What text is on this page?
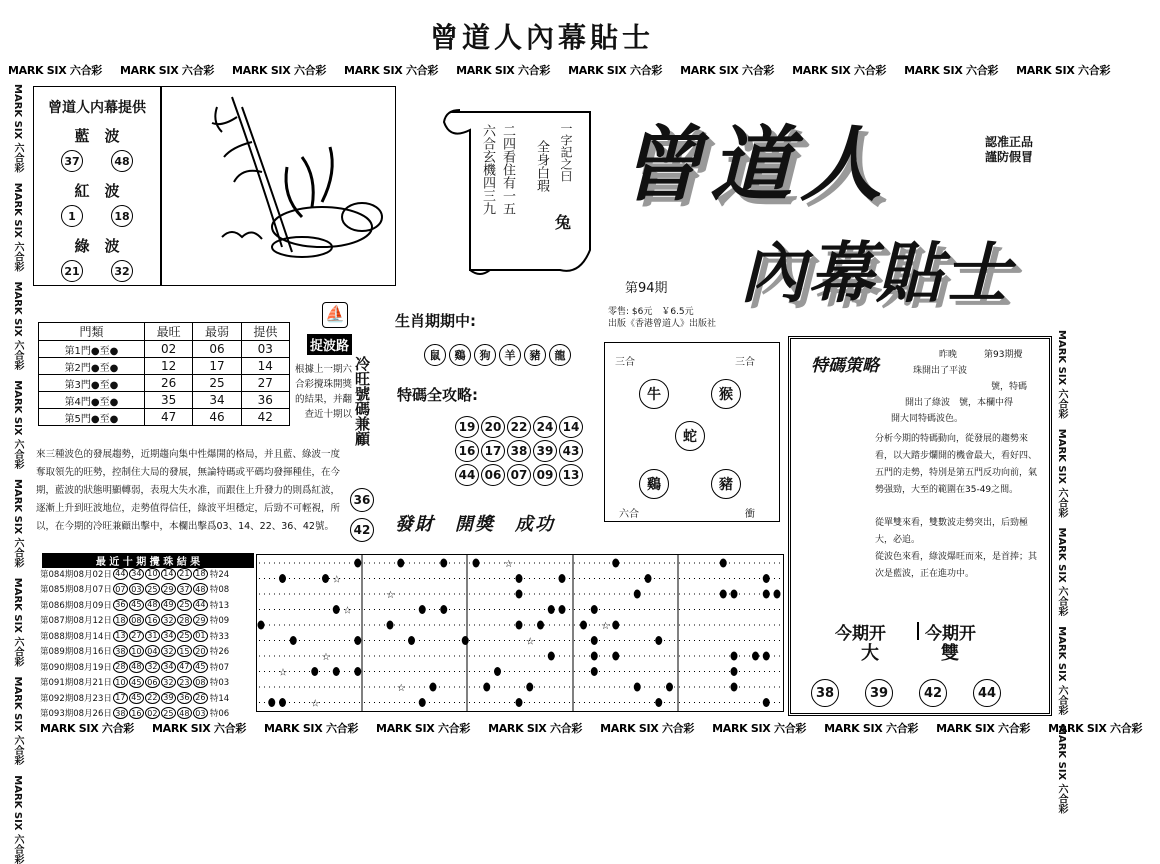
曾道人內幕貼士
MARK SIX 六合彩 MARK SIX 六合彩 MARK SIX 六合彩 MARK SIX 六合彩 MARK SIX 六合彩 MARK SIX 六合彩 MARK SIX 六合彩 MARK SIX 六合彩 MARK SIX 六合彩 MARK SIX 六合彩
MARK SIX 六合彩 MARK SIX 六合彩 MARK SIX 六合彩 MARK SIX 六合彩 MARK SIX 六合彩 MARK SIX 六合彩 MARK SIX 六合彩 MARK SIX 六合彩 MARK SIX 六合彩 MARK SIX 六合彩
MARK SIX 六合彩　MARK SIX 六合彩　MARK SIX 六合彩　MARK SIX 六合彩　MARK SIX 六合彩　MARK SIX 六合彩　MARK SIX 六合彩　MARK SIX 六合彩
MARK SIX 六合彩　MARK SIX 六合彩　MARK SIX 六合彩　MARK SIX 六合彩　MARK SIX 六合彩
曾道人内幕提供
藍　波
37	48
紅　波
1	18
綠　波
21	32
一字記之曰
兔
全身白瑕
二四看住有一五
六合玄機四三九 曾道人
內幕貼士
認准正品
謹防假冒
第94期
零售: $6元　￥6.5元
出版《香港曾道人》出版社
門類	最旺	最弱	提供
第1門●至●	02	06	03
第2門●至●	12	17	14
第3門●至●	26	25	27
第4門●至●	35	34	36
第5門●至●	47	46	42
⛵
捉波路
冷旺號碼兼顧
根據上一期六合彩攪珠開獎的結果，并翻查近十期以
36
42
來三種波色的發展趨勢，近期趨向集中性爆開的格局，并且藍、綠波一度奪取領先的旺勢，控制住大局的發展，無論特碼或平碼均發揮種佳，在今期，藍波的狀態明顯轉弱，表現大失水准，而跟住上升發力的則爲紅波，逐漸上升到旺波地位，走勢值得信任，綠波平坦穩定，后勁不可輕視，所以，在今期的冷旺兼顧出擊中，本欄出擊爲03、14、22、36、42號。
生肖期期中:
鼠	鷄	狗	羊	豬	龍
特碼全攻略:
19 20 22 24 14
16 17 38 39 43
44 06 07 09 13
發財　開獎　成功
三合	三合
六合	衝
牛	猴
蛇
鷄	豬
特碼策略
昨晚　　　第93期攪
珠開出了平波
號，特碼
開出了綠波　號，本欄中得
開大同特碼波色。
分析今期的特碼動向，從發展的趨勢來看，以大踏步爛開的機會最大，看好四、五門的走勢，特別是第五門反功向前，氣勢强勁，大至的範圍在35-49之間。
從單雙來看，雙數波走勢突出，后勁極大，必追。
從波色來看，綠波爆旺而來，是首捧；其次是藍波，正在進功中。
今期开 今期开
大	雙
38	39	42	44
最 近 十 期 攪 珠 結 果
第084期08月02日 44 34 10 14 21 18 特24
第085期08月07日 07 03 25 29 37 48 特08
第086期08月09日 36 45 48 49 25 44 特13
第087期08月12日 18 08 16 32 28 29 特09
第088期08月14日 13 27 31 34 25 01 特33
第089期08月16日 38 10 04 32 15 20 特26
第090期08月19日 28 48 32 34 47 45 特07
第091期08月21日 10 45 06 32 23 08 特03
第092期08月23日 17 45 22 39 36 26 特14
第093期08月26日 38 16 02 25 48 03 特06
☆
☆
☆
☆
☆
☆
☆
☆
☆
☆
